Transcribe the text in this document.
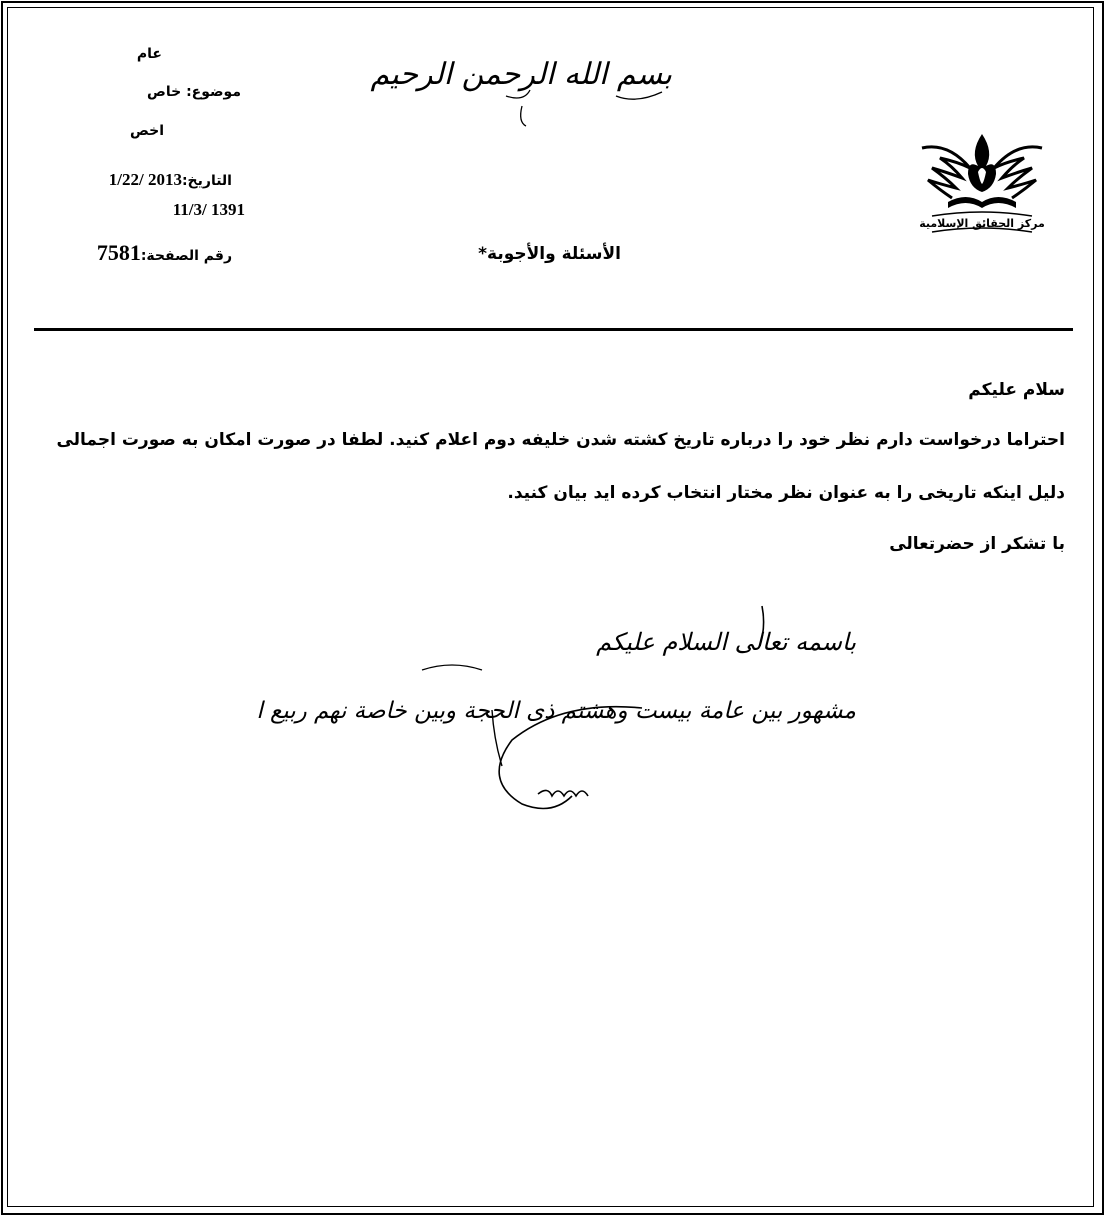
مركز الحقائق الإسلامية
بسم الله الرحمن الرحيم
عام
موضوع: خاص
اخص
التاريخ:2013 /1/22
1391 /11/3
رقم الصفحة:7581	الأسئلة والأجوبة*
سلام عليكم
احتراما درخواست دارم نظر خود را درباره تاريخ كشته شدن خليفه دوم اعلام كنيد. لطفا در صورت امكان به صورت اجمالى
دليل اينكه تاريخى را به عنوان نظر مختار انتخاب كرده ايد بيان كنيد.
با تشكر از حضرتعالى
باسمه تعالى السلام عليكم
مشهور بين عامة بيست وهشتم ذى الحجة وبين خاصة نهم ربيع ا
